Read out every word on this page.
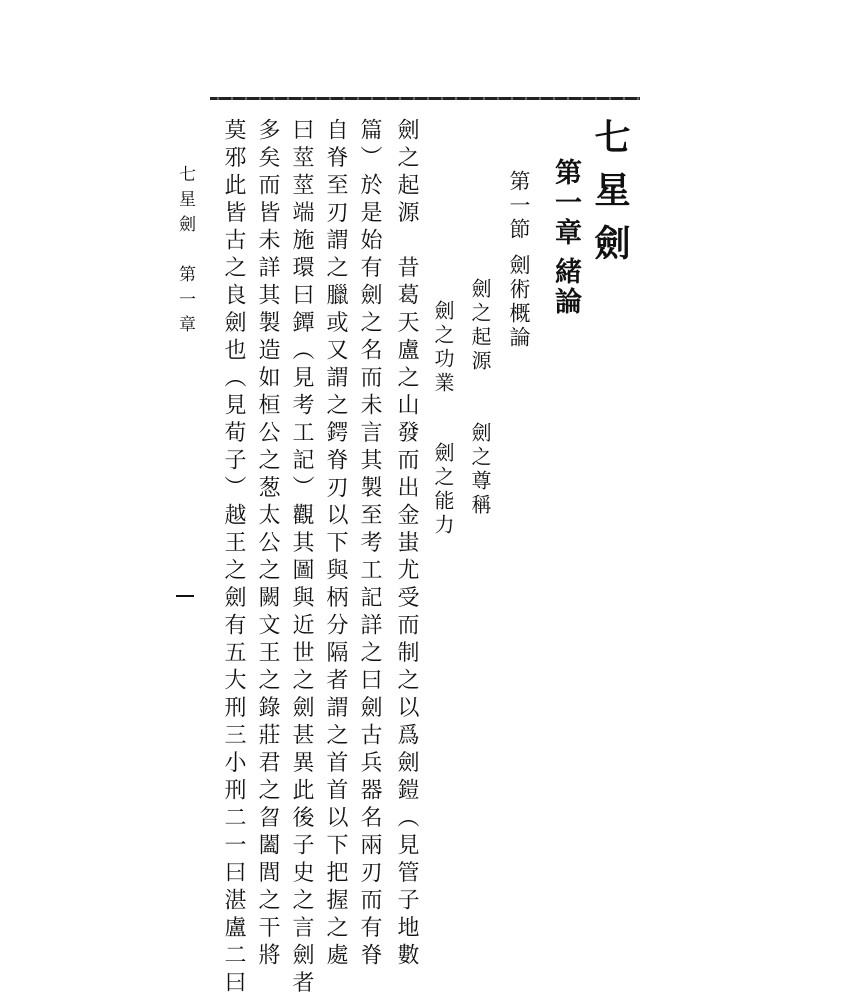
七星劍
第一章
緒論
第一節
劍術概論
劍之起源
劍之尊稱
劍之功業
劍之能力
劍之起源　昔葛天盧之山發而出金蚩尤受而制之以爲劍鎧（見管子地數
篇）於是始有劍之名而未言其製至考工記詳之曰劍古兵器名兩刃而有脊
自脊至刃謂之臘或又謂之鍔脊刃以下與柄分隔者謂之首首以下把握之處
曰莖莖端施環曰鐔（見考工記）觀其圖與近世之劍甚異此後子史之言劍者
多矣而皆未詳其製造如桓公之葱太公之闕文王之錄莊君之曶闔閭之干將
莫邪此皆古之良劍也（見荀子）越王之劍有五大刑三小刑二一曰湛盧二曰
七星劍　第一章
